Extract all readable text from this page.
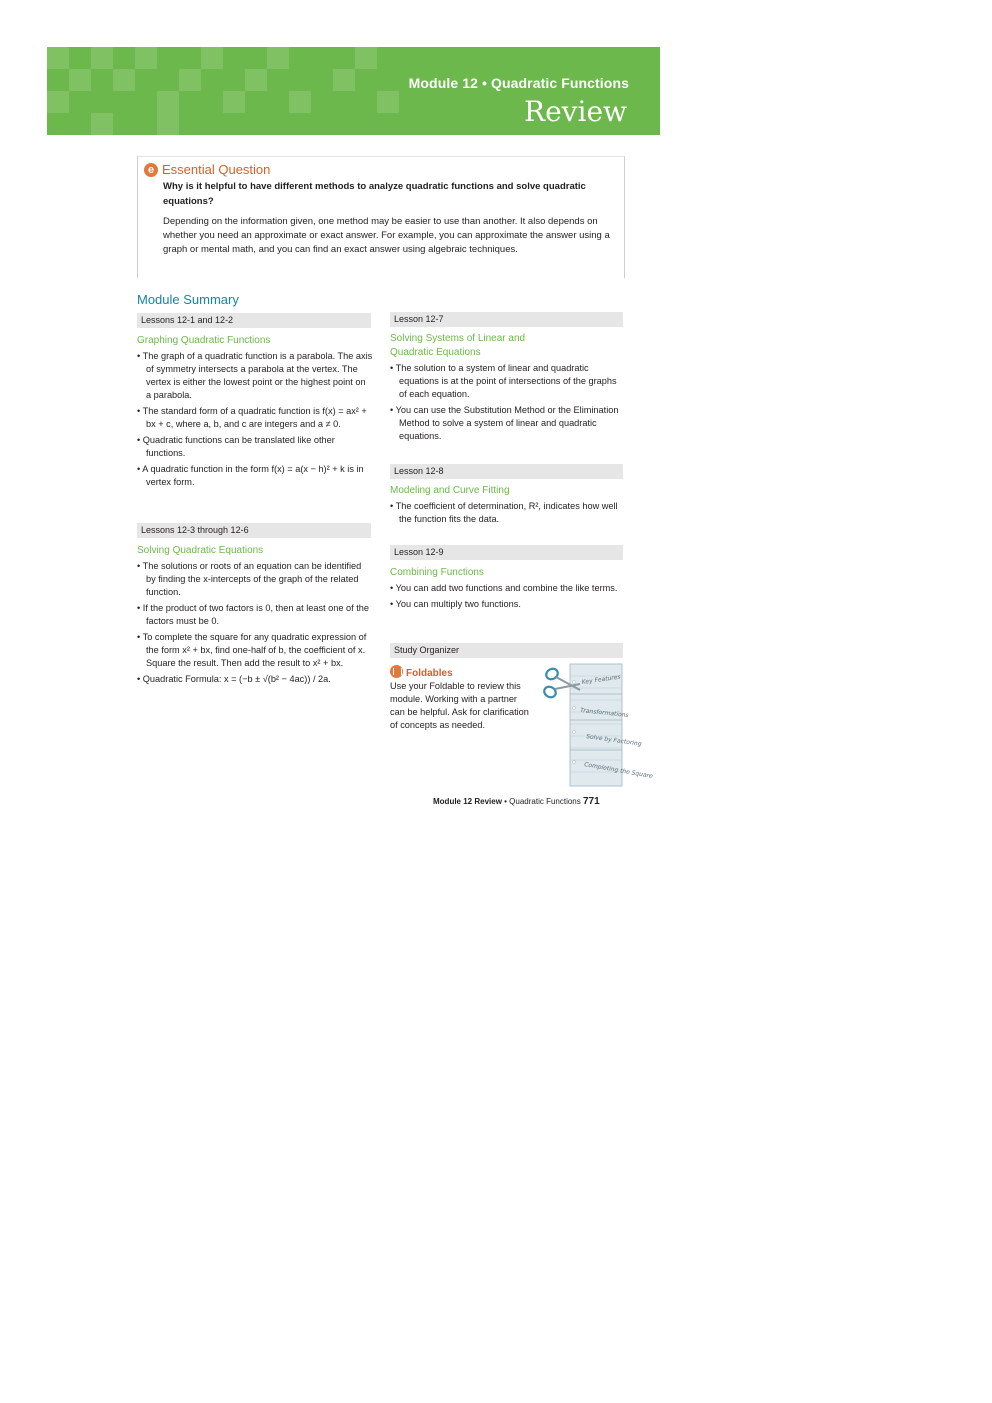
Module 12 • Quadratic Functions
Review
e Essential Question
Why is it helpful to have different methods to analyze quadratic functions and solve quadratic equations?
Depending on the information given, one method may be easier to use than another. It also depends on whether you need an approximate or exact answer. For example, you can approximate the answer using a graph or mental math, and you can find an exact answer using algebraic techniques.
Module Summary
Lessons 12-1 and 12-2
Graphing Quadratic Functions
• The graph of a quadratic function is a parabola. The axis of symmetry intersects a parabola at the vertex. The vertex is either the lowest point or the highest point on a parabola.
• The standard form of a quadratic function is f(x) = ax² + bx + c, where a, b, and c are integers and a ≠ 0.
• Quadratic functions can be translated like other functions.
• A quadratic function in the form f(x) = a(x − h)² + k is in vertex form.
Lessons 12-3 through 12-6
Solving Quadratic Equations
• The solutions or roots of an equation can be identified by finding the x-intercepts of the graph of the related function.
• If the product of two factors is 0, then at least one of the factors must be 0.
• To complete the square for any quadratic expression of the form x² + bx, find one-half of b, the coefficient of x. Square the result. Then add the result to x² + bx.
• Quadratic Formula: x = (−b ± √(b² − 4ac)) / 2a.
Lesson 12-7
Solving Systems of Linear and Quadratic Equations
• The solution to a system of linear and quadratic equations is at the point of intersections of the graphs of each equation.
• You can use the Substitution Method or the Elimination Method to solve a system of linear and quadratic equations.
Lesson 12-8
Modeling and Curve Fitting
• The coefficient of determination, R², indicates how well the function fits the data.
Lesson 12-9
Combining Functions
• You can add two functions and combine the like terms.
• You can multiply two functions.
Study Organizer
Foldables
Use your Foldable to review this module. Working with a partner can be helpful. Ask for clarification of concepts as needed.
Key Features
Transformations
Solve by Factoring
Completing the Square
Module 12 Review • Quadratic Functions 771
